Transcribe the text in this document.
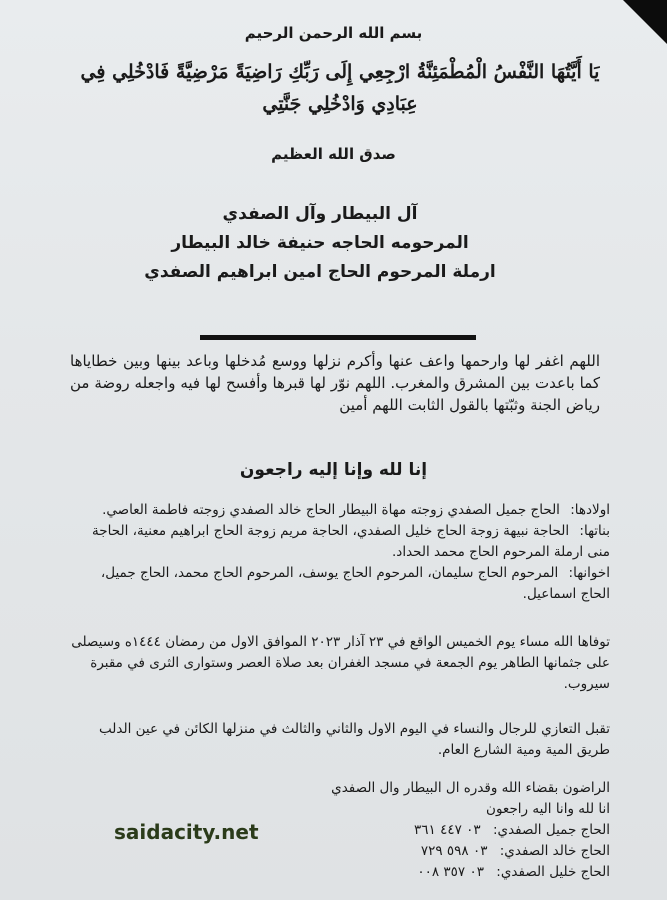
بسم الله الرحمن الرحيم
يَا أَيَّتُهَا النَّفْسُ الْمُطْمَئِنَّةُ ارْجِعِي إِلَى رَبِّكِ رَاضِيَةً مَرْضِيَّةً فَادْخُلِي فِي عِبَادِي وَادْخُلِي جَنَّتِي
صدق الله العظيم
آل البيطار وآل الصفدي
المرحومه الحاجه حنيفة خالد البيطار
ارملة المرحوم الحاج امين ابراهيم الصفدي
اللهم اغفر لها وارحمها واعف عنها وأكرم نزلها ووسع مُدخلها وباعد بينها وبين خطاياها كما باعدت بين المشرق والمغرب. اللهم نوّر لها قبرها وأفسح لها فيه واجعله روضة من رياض الجنة وثبّتها بالقول الثابت اللهم أمين
إنا لله وإنا إليه راجعون
اولادها: الحاج جميل الصفدي زوجته مهاة البيطار الحاج خالد الصفدي زوجته فاطمة العاصي.
بناتها: الحاجة نبيهة زوجة الحاج خليل الصفدي، الحاجة مريم زوجة الحاج ابراهيم معنية، الحاجة منى ارملة المرحوم الحاج محمد الحداد.
اخوانها: المرحوم الحاج سليمان، المرحوم الحاج يوسف، المرحوم الحاج محمد، الحاج جميل، الحاج اسماعيل.
توفاها الله مساء يوم الخميس الواقع في ٢٣ آذار ٢٠٢٣ الموافق الاول من رمضان ١٤٤٤ه وسيصلى على جثمانها الطاهر يوم الجمعة في مسجد الغفران بعد صلاة العصر وستوارى الثرى في مقبرة سيروب.
تقبل التعازي للرجال والنساء في اليوم الاول والثاني والثالث في منزلها الكائن في عين الدلب طريق المية ومية الشارع العام.
الراضون بقضاء الله وقدره ال البيطار وال الصفدي
انا لله وانا اليه راجعون
الحاج جميل الصفدي: ٠٣ ٤٤٧ ٣٦١
الحاج خالد الصفدي: ٠٣ ٥٩٨ ٧٢٩
الحاج خليل الصفدي: ٠٣ ٣٥٧ ٠٠٨
saidacity.net
